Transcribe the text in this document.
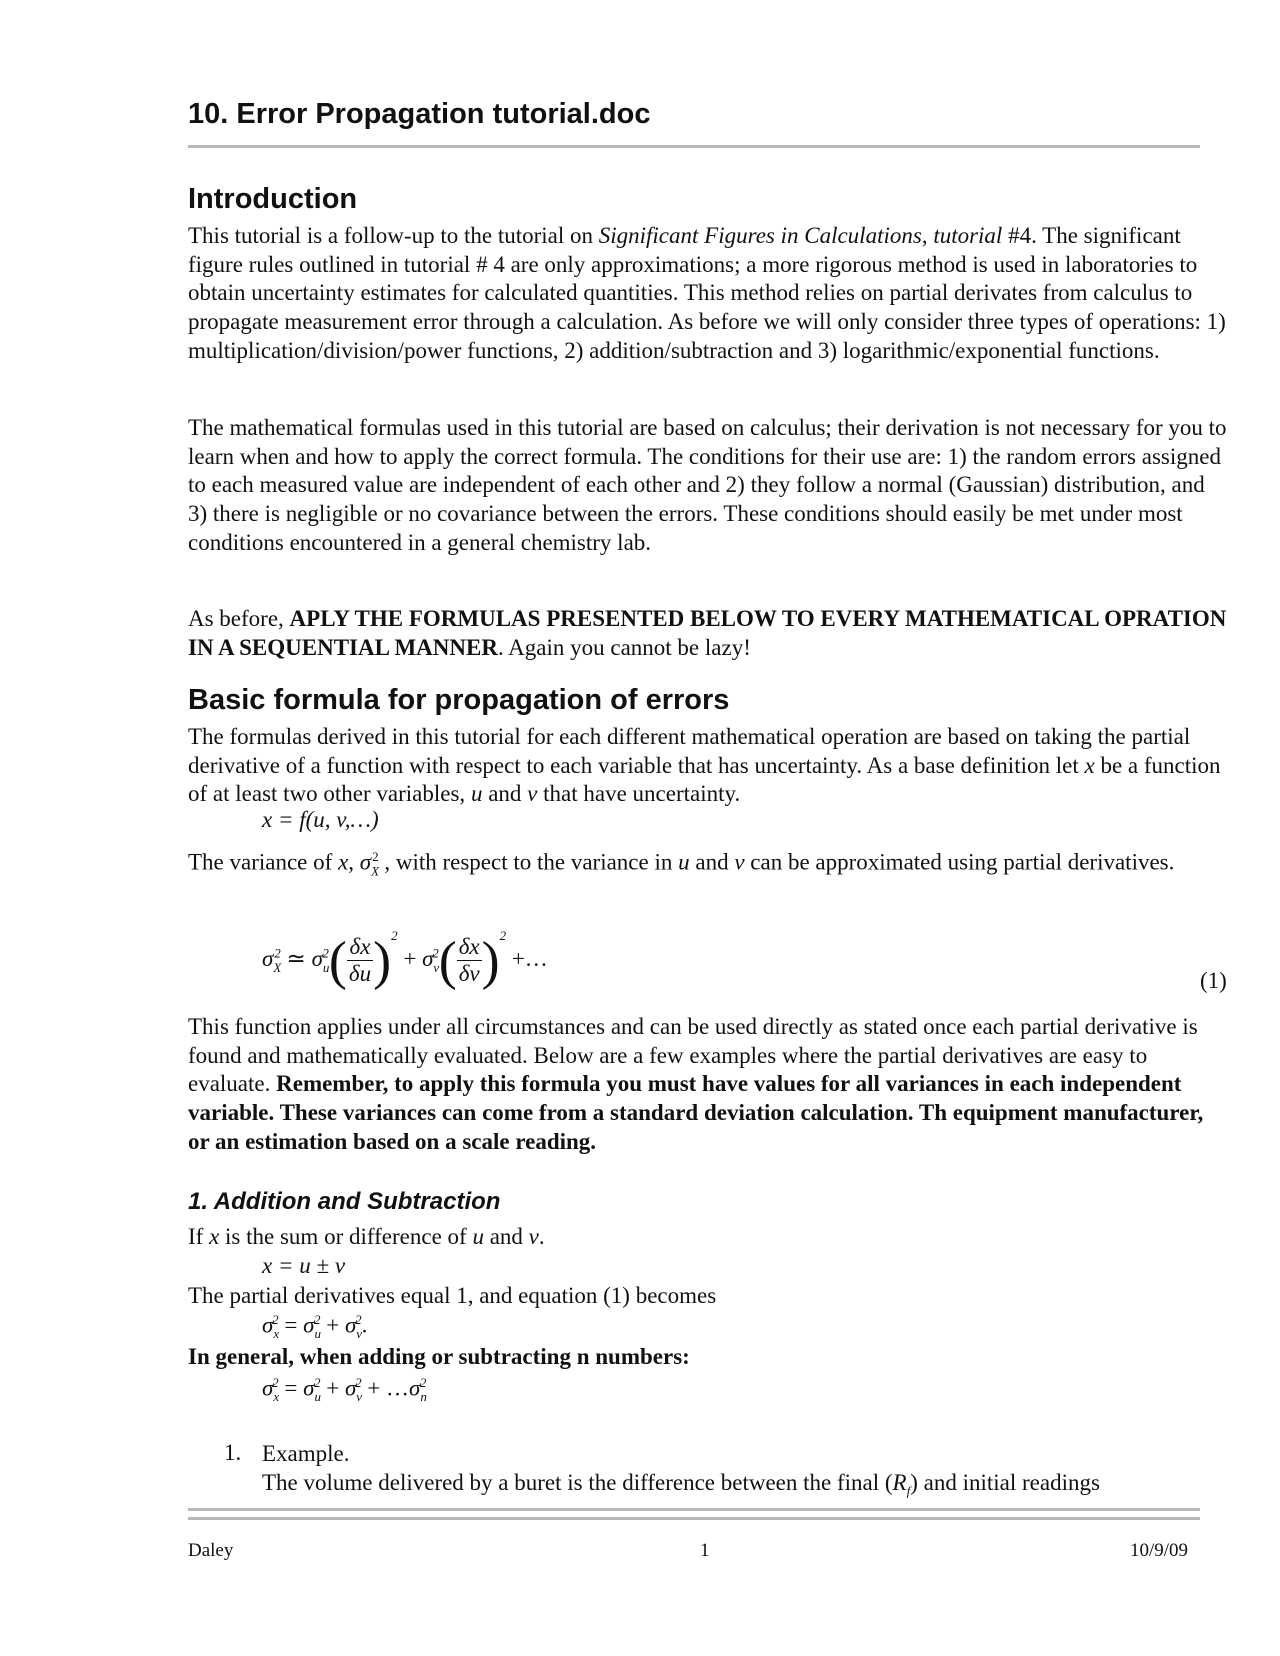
10. Error Propagation tutorial.doc
Introduction

This tutorial is a follow-up to the tutorial on Significant Figures in Calculations, tutorial #4. The significant figure rules outlined in tutorial # 4 are only approximations; a more rigorous method is used in laboratories to obtain uncertainty estimates for calculated quantities. This method relies on partial derivates from calculus to propagate measurement error through a calculation. As before we will only consider three types of operations: 1) multiplication/division/power functions, 2) addition/subtraction and 3) logarithmic/exponential functions.

The mathematical formulas used in this tutorial are based on calculus; their derivation is not necessary for you to learn when and how to apply the correct formula. The conditions for their use are: 1) the random errors assigned to each measured value are independent of each other and 2) they follow a normal (Gaussian) distribution, and 3) there is negligible or no covariance between the errors. These conditions should easily be met under most conditions encountered in a general chemistry lab.

As before, APLY THE FORMULAS PRESENTED BELOW TO EVERY MATHEMATICAL OPRATION IN A SEQUENTIAL MANNER. Again you cannot be lazy!

Basic formula for propagation of errors

The formulas derived in this tutorial for each different mathematical operation are based on taking the partial derivative of a function with respect to each variable that has uncertainty. As a base definition let x be a function of at least two other variables, u and v that have uncertainty.

x = f(u, v,…)

The variance of x, $\sigma_X^2$ , with respect to the variance in u and v can be approximated using partial derivatives.

$\sigma_X^2$ ≃ $\sigma_u^2( \frac{\delta x}{\delta u} )^2 + \sigma_v^2( \frac{\delta x}{\delta v} )^2$ +…

(1)

This function applies under all circumstances and can be used directly as stated once each partial derivative is found and mathematically evaluated. Below are a few examples where the partial derivatives are easy to evaluate. Remember, to apply this formula you must have values for all variances in each independent variable. These variances can come from a standard deviation calculation. Th equipment manufacturer, or an estimation based on a scale reading.

1. Addition and Subtraction

If x is the sum or difference of u and v.

x = u ± v

The partial derivatives equal 1, and equation (1) becomes

$\sigma_x^2 = \sigma_u^2 + \sigma_v^2$.

In general, when adding or subtracting n numbers:

$\sigma_x^2 = \sigma_u^2 + \sigma_v^2$ + $\dots\sigma_n^2$

1. Example.

The volume delivered by a buret is the difference between the final $(R_f)$ and initial readings

Daley	1	10/9/09
